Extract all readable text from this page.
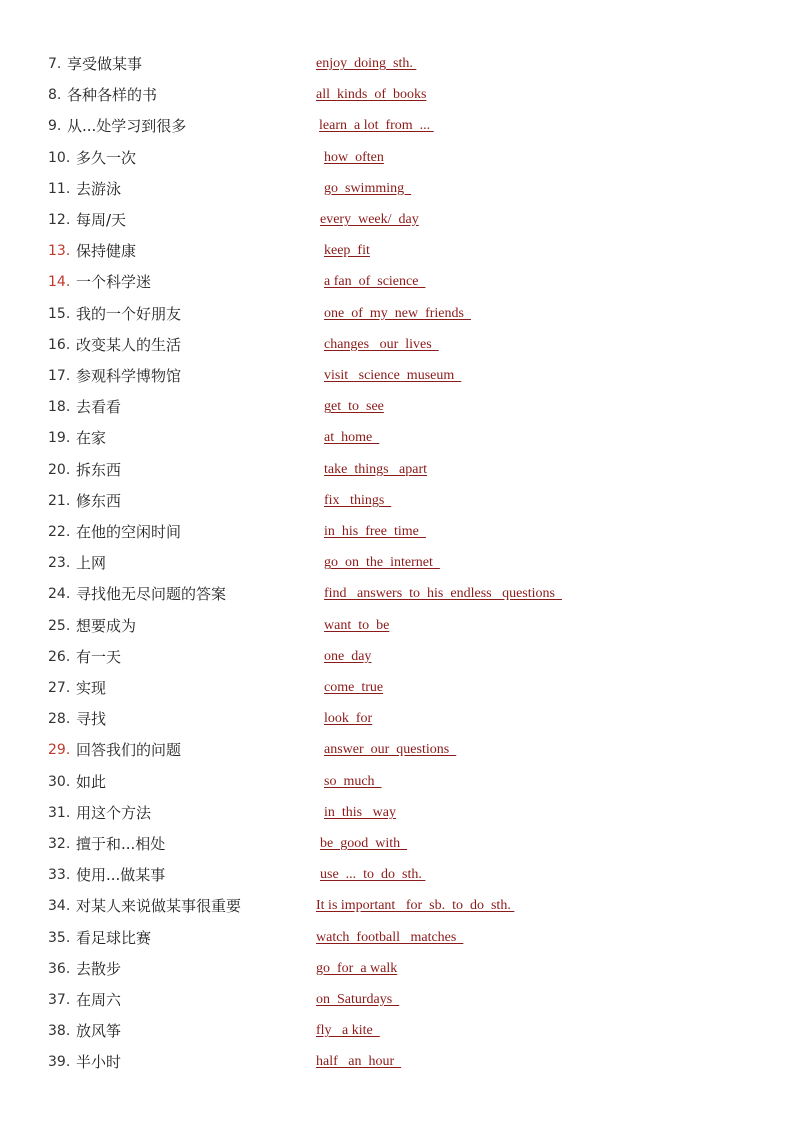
7. 享受做某事	enjoy  doing  sth.
8. 各种各样的书	all  kinds  of  books
9. 从...处学习到很多	learn  a lot  from  ...
10. 多久一次	how  often
11. 去游泳	go  swimming
12. 每周/天	every  week/  day
13. 保持健康	keep  fit
14. 一个科学迷	a fan  of  science
15. 我的一个好朋友	one  of  my  new  friends
16. 改变某人的生活	changes   our  lives
17. 参观科学博物馆	visit   science  museum
18. 去看看	get  to  see
19. 在家	at  home
20. 拆东西	take  things   apart
21. 修东西	fix   things
22. 在他的空闲时间	in  his  free  time
23. 上网	go  on  the  internet
24. 寻找他无尽问题的答案	find   answers  to  his  endless   questions
25. 想要成为	want  to  be
26. 有一天	one  day
27. 实现	come  true
28. 寻找	look  for
29. 回答我们的问题	answer  our  questions
30. 如此	so  much
31. 用这个方法	in  this   way
32. 擅于和...相处	be  good  with
33. 使用...做某事	use  ...  to  do  sth.
34. 对某人来说做某事很重要	It is important   for  sb.  to  do  sth.
35. 看足球比赛	watch  football   matches
36. 去散步	go  for  a walk
37. 在周六	on  Saturdays
38. 放风筝	fly   a kite
39. 半小时	half   an  hour
